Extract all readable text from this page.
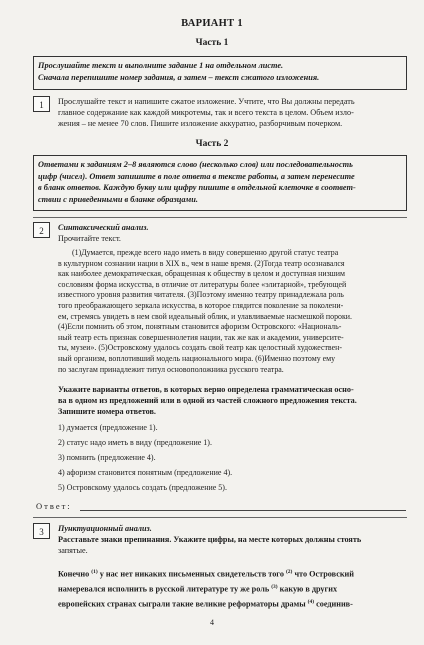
ВАРИАНТ 1
Часть 1
Прослушайте текст и выполните задание 1 на отдельном листе.
Сначала перепишите номер задания, а затем – текст сжатого изложения.
1	Прослушайте текст и напишите сжатое изложение. Учтите, что Вы должны передать
главное содержание как каждой микротемы, так и всего текста в целом. Объем изло-
жения – не менее 70 слов. Пишите изложение аккуратно, разборчивым почерком.
Часть 2
Ответами к заданиям 2–8 являются слово (несколько слов) или последовательность
цифр (чисел). Ответ запишите в поле ответа в тексте работы, а затем перенесите
в бланк ответов. Каждую букву или цифру пишите в отдельной клеточке в соответ-
ствии с приведенными в бланке образцами.
2	Синтаксический анализ.
Прочитайте текст.
(1)Думается, прежде всего надо иметь в виду совершенно другой статус театра
в культурном сознании нации в XIX в., чем в наше время. (2)Тогда театр осознавался
как наиболее демократическая, обращенная к обществу в целом и доступная низшим
сословиям форма искусства, в отличие от литературы более «элитарной», требующей
известного уровня развития читателя. (3)Поэтому именно театру принадлежала роль
того преображающего зеркала искусства, в которое глядится поколение за поколени-
ем, стремясь увидеть в нем свой идеальный облик, и улавливаемые насмешкой пороки.
(4)Если помнить об этом, понятным становится афоризм Островского: «Националь-
ный театр есть признак совершеннолетия нации, так же как и академии, университе-
ты, музеи». (5)Островскому удалось создать свой театр как целостный художествен-
ный организм, воплотивший модель национального мира. (6)Именно поэтому ему
по заслугам принадлежит титул основоположника русского театра.
Укажите варианты ответов, в которых верно определена грамматическая осно-
ва в одном из предложений или в одной из частей сложного предложения текста.
Запишите номера ответов.
1) думается (предложение 1).
2) статус надо иметь в виду (предложение 1).
3) помнить (предложение 4).
4) афоризм становится понятным (предложение 4).
5) Островскому удалось создать (предложение 5).
Ответ:
3	Пунктуационный анализ.
Расставьте знаки препинания. Укажите цифры, на месте которых должны стоять
запятые.
Конечно $^{(1)}$ у нас нет никаких письменных свидетельств того $^{(2)}$ что Островский
намеревался исполнить в русской литературе ту же роль $^{(3)}$ какую в других
европейских странах сыграли такие великие реформаторы драмы $^{(4)}$ соединив-
4
